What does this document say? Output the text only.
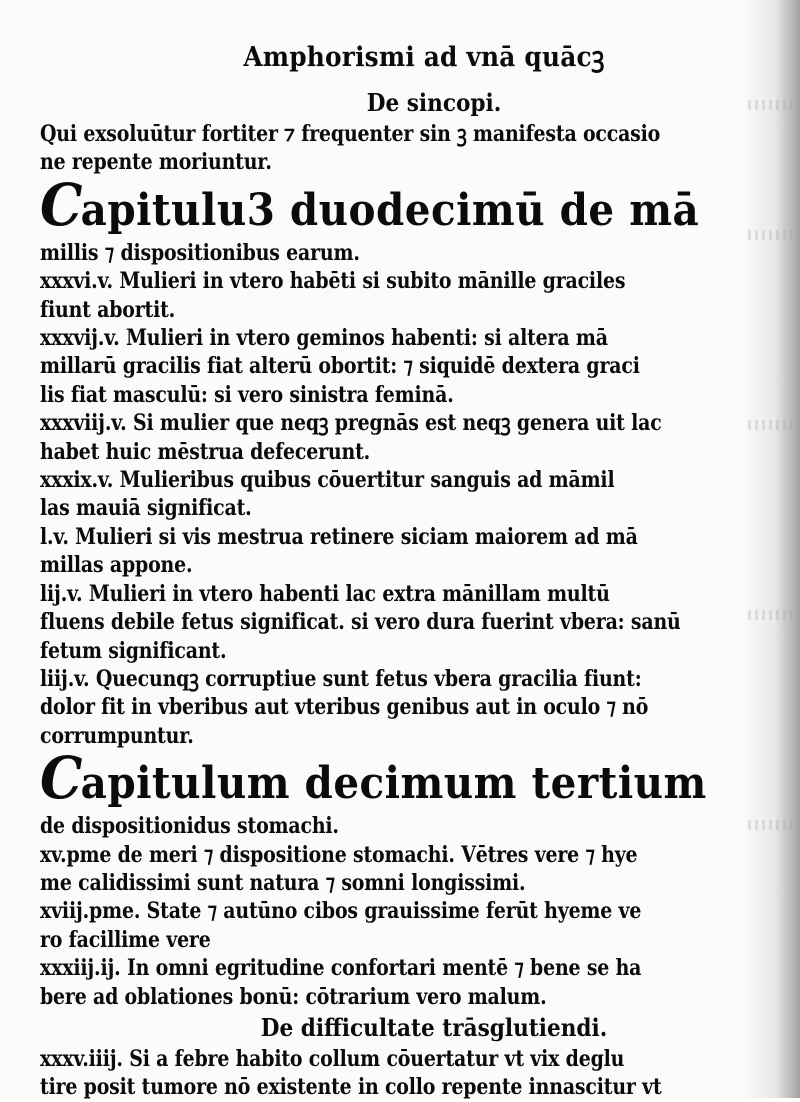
Amphorismi ad vnā quācꝫ
De sincopi.
Qui exsoluūtur fortiter ⁊ frequenter sin ꝫ manifesta occasio
ne repente moriuntur.
Capitulu3 duodecimū de mā
millis ⁊ dispositionibus earum.
xxxvi.v. Mulieri in vtero habēti si subito mānille graciles
fiunt abortit.
xxxvij.v. Mulieri in vtero geminos habenti: si altera mā
millarū gracilis fiat alterū obortit: ⁊ siquidē dextera graci
lis fiat masculū: si vero sinistra feminā.
xxxviij.v. Si mulier que neqꝫ pregnās est neqꝫ genera uit lac
habet huic mēstrua defecerunt.
xxxix.v. Mulieribus quibus cōuertitur sanguis ad māmil
las mauiā significat.
l.v. Mulieri si vis mestrua retinere siciam maiorem ad mā
millas appone.
lij.v. Mulieri in vtero habenti lac extra mānillam multū
fluens debile fetus significat. si vero dura fuerint vbera: sanū
fetum significant.
liij.v. Quecunqꝫ corruptiue sunt fetus vbera gracilia fiunt:
dolor fit in vberibus aut vteribus genibus aut in oculo ⁊ nō
corrumpuntur.
Capitulum decimum tertium
de dispositionidus stomachi.
xv.pme de meri ⁊ dispositione stomachi. Vētres vere ⁊ hye
me calidissimi sunt natura ⁊ somni longissimi.
xviij.pme. State ⁊ autūno cibos grauissime ferūt hyeme ve
ro facillime vere
xxxiij.ij. In omni egritudine confortari mentē ⁊ bene se ha
bere ad oblationes bonū: cōtrarium vero malum.
De difficultate trāsglutiendi.
xxxv.iiij. Si a febre habito collum cōuertatur vt vix deglu
tire posit tumore nō existente in collo repente innascitur vt
